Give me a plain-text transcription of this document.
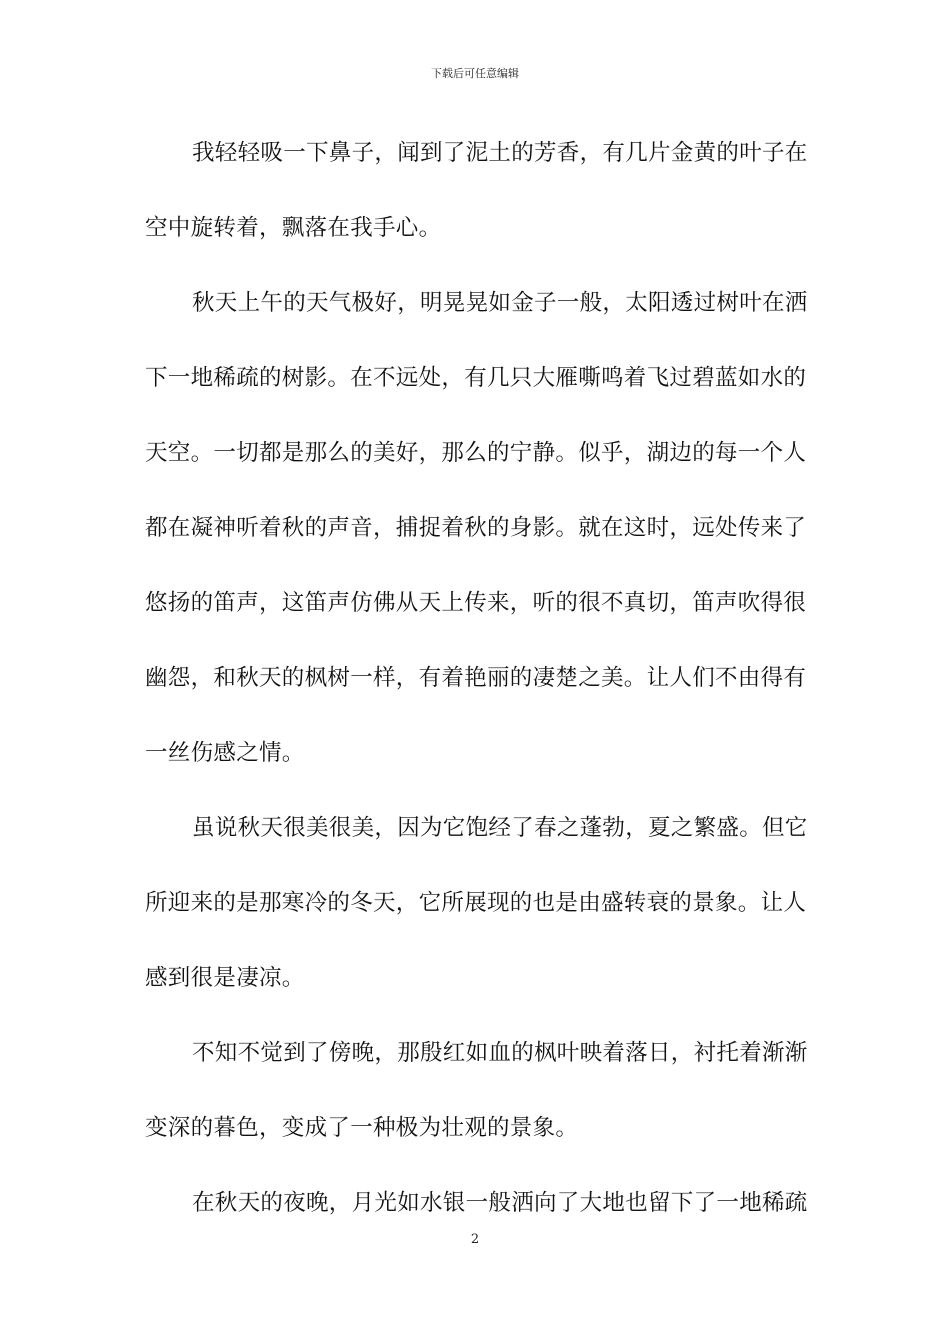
下载后可任意编辑
我轻轻吸一下鼻子，闻到了泥土的芳香，有几片金黄的叶子在
空中旋转着，飘落在我手心。
秋天上午的天气极好，明晃晃如金子一般，太阳透过树叶在洒
下一地稀疏的树影。在不远处，有几只大雁嘶鸣着飞过碧蓝如水的
天空。一切都是那么的美好，那么的宁静。似乎，湖边的每一个人
都在凝神听着秋的声音，捕捉着秋的身影。就在这时，远处传来了
悠扬的笛声，这笛声仿佛从天上传来，听的很不真切，笛声吹得很
幽怨，和秋天的枫树一样，有着艳丽的凄楚之美。让人们不由得有
一丝伤感之情。
虽说秋天很美很美，因为它饱经了春之蓬勃，夏之繁盛。但它
所迎来的是那寒冷的冬天，它所展现的也是由盛转衰的景象。让人
感到很是凄凉。
不知不觉到了傍晚，那殷红如血的枫叶映着落日，衬托着渐渐
变深的暮色，变成了一种极为壮观的景象。
在秋天的夜晚，月光如水银一般洒向了大地也留下了一地稀疏
2
